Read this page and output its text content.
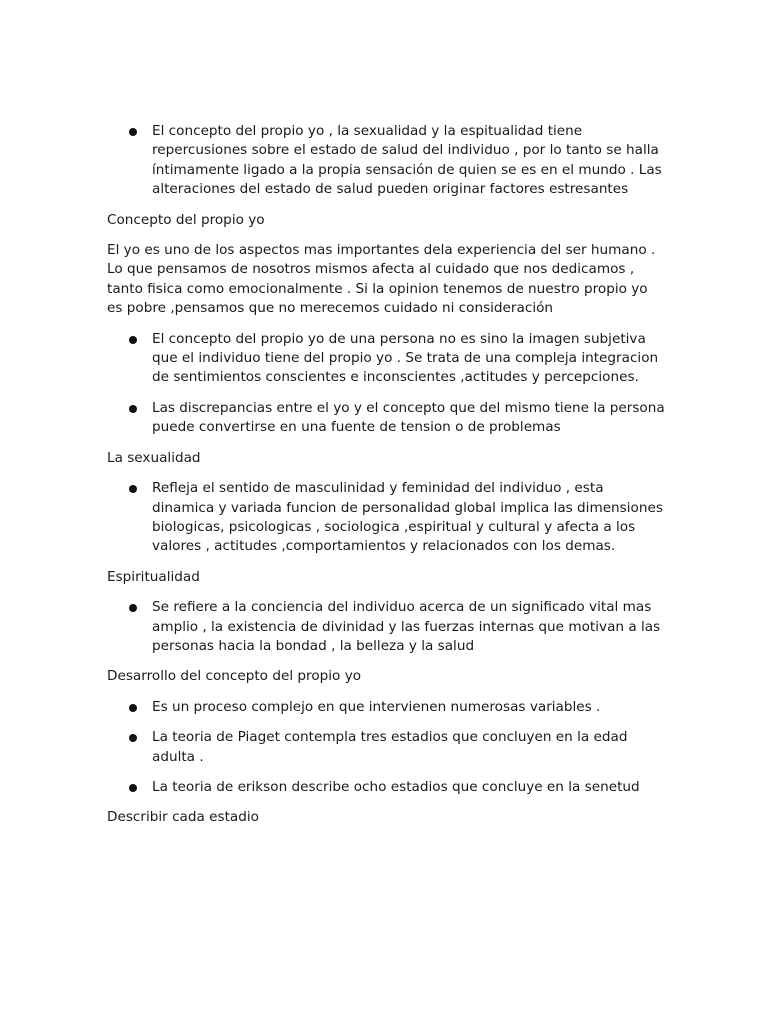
El concepto del propio yo , la sexualidad y la espitualidad tiene repercusiones sobre el estado de salud del individuo , por lo tanto se halla íntimamente ligado a la propia sensación de quien se es en el mundo . Las alteraciones del estado de salud pueden originar factores estresantes

Concepto del propio yo

El yo es uno de los aspectos mas importantes dela experiencia del ser humano . Lo que pensamos de nosotros mismos afecta al cuidado que nos dedicamos , tanto fisica como emocionalmente . Si la opinion tenemos de nuestro propio yo es pobre ,pensamos que no merecemos cuidado ni consideración

El concepto del propio yo de una persona no es sino la imagen subjetiva que el individuo tiene del propio yo . Se trata de una compleja integracion de sentimientos conscientes e inconscientes ,actitudes y percepciones.
Las discrepancias entre el yo y el concepto que del mismo tiene la persona puede convertirse en una fuente de tension o de problemas

La sexualidad

Refleja el sentido de masculinidad y feminidad del individuo , esta dinamica y variada funcion de personalidad global implica las dimensiones biologicas, psicologicas , sociologica ,espiritual y cultural y afecta a los valores , actitudes ,comportamientos y relacionados con los demas.

Espiritualidad

Se refiere a la conciencia del individuo acerca de un significado vital mas amplio , la existencia de divinidad y las fuerzas internas que motivan a las personas hacia la bondad , la belleza y la salud

Desarrollo del concepto del propio yo

Es un proceso complejo en que intervienen numerosas variables .
La teoria de Piaget contempla tres estadios que concluyen en la edad adulta .
La teoria de erikson describe ocho estadios que concluye en la senetud

Describir cada estadio
